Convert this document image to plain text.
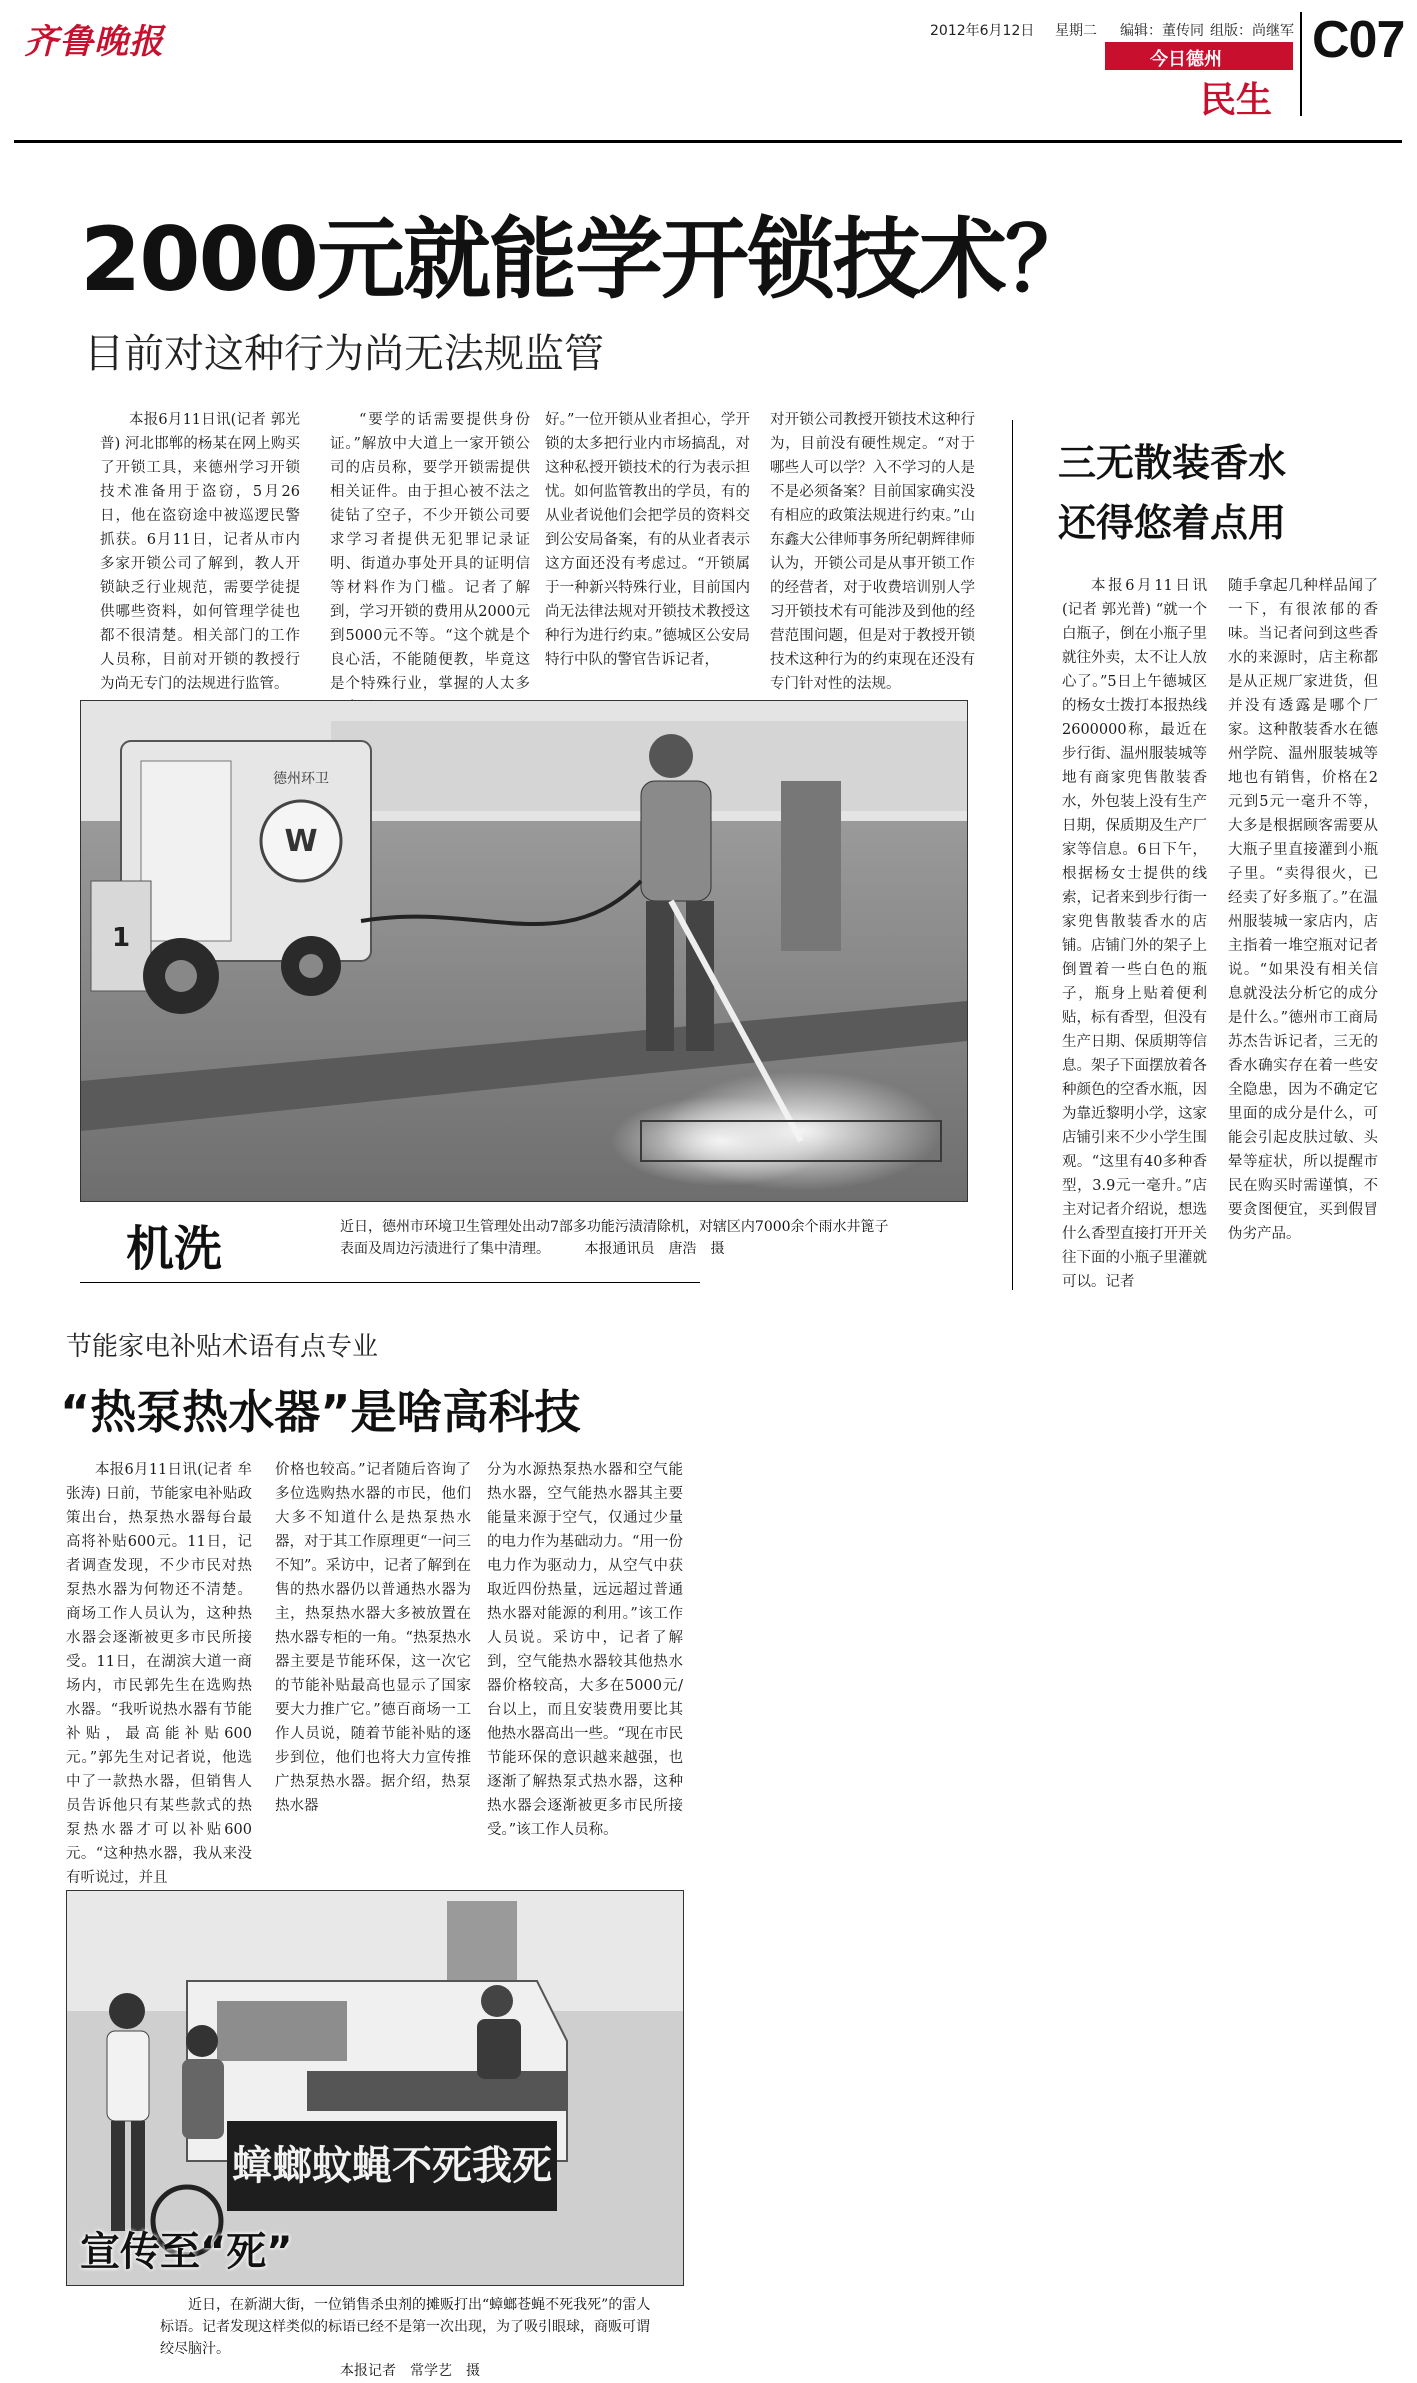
齐鲁晚报	2012年6月12日 星期二 编辑：董传同 组版：尚继军
今日德州
民生
C07
2000元就能学开锁技术？
目前对这种行为尚无法规监管

本报6月11日讯(记者 郭光普) 河北邯郸的杨某在网上购买了开锁工具，来德州学习开锁技术准备用于盗窃，5月26日，他在盗窃途中被巡逻民警抓获。6月11日，记者从市内多家开锁公司了解到，教人开锁缺乏行业规范，需要学徒提供哪些资料，如何管理学徒也都不很清楚。相关部门的工作人员称，目前对开锁的教授行为尚无专门的法规进行监管。

“要学的话需要提供身份证。”解放中大道上一家开锁公司的店员称，要学开锁需提供相关证件。由于担心被不法之徒钻了空子，不少开锁公司要求学习者提供无犯罪记录证明、街道办事处开具的证明信等材料作为门槛。记者了解到，学习开锁的费用从2000元到5000元不等。“这个就是个良心活，不能随便教，毕竟这是个特殊行业，掌握的人太多

好。”一位开锁从业者担心，学开锁的太多把行业内市场搞乱，对这种私授开锁技术的行为表示担忧。如何监管教出的学员，有的从业者说他们会把学员的资料交到公安局备案，有的从业者表示这方面还没有考虑过。“开锁属于一种新兴特殊行业，目前国内尚无法律法规对开锁技术教授这种行为进行约束。”德城区公安局特行中队的警官告诉记者，

对开锁公司教授开锁技术这种行为，目前没有硬性规定。“对于哪些人可以学？入不学习的人是不是必须备案？目前国家确实没有相应的政策法规进行约束。”山东鑫大公律师事务所纪朝辉律师认为，开锁公司是从事开锁工作的经营者，对于收费培训别人学习开锁技术有可能涉及到他的经营范围问题，但是对于教授开锁技术这种行为的约束现在还没有专门针对性的法规。

W
德州环卫
1
机洗	近日，德州市环境卫生管理处出动7部多功能污渍清除机，对辖区内7000余个雨水井篦子表面及周边污渍进行了集中清理。 本报通讯员　唐浩　摄
三无散装香水
还得悠着点用

本报6月11日讯(记者 郭光普) “就一个白瓶子，倒在小瓶子里就往外卖，太不让人放心了。”5日上午德城区的杨女士拨打本报热线2600000称，最近在步行街、温州服装城等地有商家兜售散装香水，外包装上没有生产日期，保质期及生产厂家等信息。6日下午，根据杨女士提供的线索，记者来到步行街一家兜售散装香水的店铺。店铺门外的架子上倒置着一些白色的瓶子，瓶身上贴着便利贴，标有香型，但没有生产日期、保质期等信息。架子下面摆放着各种颜色的空香水瓶，因为靠近黎明小学，这家店铺引来不少小学生围观。“这里有40多种香型，3.9元一毫升。”店主对记者介绍说，想选什么香型直接打开开关往下面的小瓶子里灌就可以。记者

随手拿起几种样品闻了一下，有很浓郁的香味。当记者问到这些香水的来源时，店主称都是从正规厂家进货，但并没有透露是哪个厂家。这种散装香水在德州学院、温州服装城等地也有销售，价格在2元到5元一毫升不等，大多是根据顾客需要从大瓶子里直接灌到小瓶子里。“卖得很火，已经卖了好多瓶了。”在温州服装城一家店内，店主指着一堆空瓶对记者说。“如果没有相关信息就没法分析它的成分是什么。”德州市工商局苏杰告诉记者，三无的香水确实存在着一些安全隐患，因为不确定它里面的成分是什么，可能会引起皮肤过敏、头晕等症状，所以提醒市民在购买时需谨慎，不要贪图便宜，买到假冒伪劣产品。

节能家电补贴术语有点专业
“热泵热水器”是啥高科技

本报6月11日讯(记者 牟张涛) 日前，节能家电补贴政策出台，热泵热水器每台最高将补贴600元。11日，记者调查发现，不少市民对热泵热水器为何物还不清楚。商场工作人员认为，这种热水器会逐渐被更多市民所接受。11日，在湖滨大道一商场内，市民郭先生在选购热水器。“我听说热水器有节能补贴，最高能补贴600元。”郭先生对记者说，他选中了一款热水器，但销售人员告诉他只有某些款式的热泵热水器才可以补贴600元。“这种热水器，我从来没有听说过，并且

价格也较高。”记者随后咨询了多位选购热水器的市民，他们大多不知道什么是热泵热水器，对于其工作原理更“一问三不知”。采访中，记者了解到在售的热水器仍以普通热水器为主，热泵热水器大多被放置在热水器专柜的一角。“热泵热水器主要是节能环保，这一次它的节能补贴最高也显示了国家要大力推广它。”德百商场一工作人员说，随着节能补贴的逐步到位，他们也将大力宣传推广热泵热水器。据介绍，热泵热水器

分为水源热泵热水器和空气能热水器，空气能热水器其主要能量来源于空气，仅通过少量的电力作为基础动力。“用一份电力作为驱动力，从空气中获取近四份热量，远远超过普通热水器对能源的利用。”该工作人员说。采访中，记者了解到，空气能热水器较其他热水器价格较高，大多在5000元/台以上，而且安装费用要比其他热水器高出一些。“现在市民节能环保的意识越来越强，也逐渐了解热泵式热水器，这种热水器会逐渐被更多市民所接受。”该工作人员称。

蟑螂蚊蝇不死我死
宣传至“死”
近日，在新湖大街，一位销售杀虫剂的摊贩打出“蟑螂苍蝇不死我死”的雷人标语。记者发现这样类似的标语已经不是第一次出现，为了吸引眼球，商贩可谓绞尽脑汁。
本报记者　常学艺　摄
